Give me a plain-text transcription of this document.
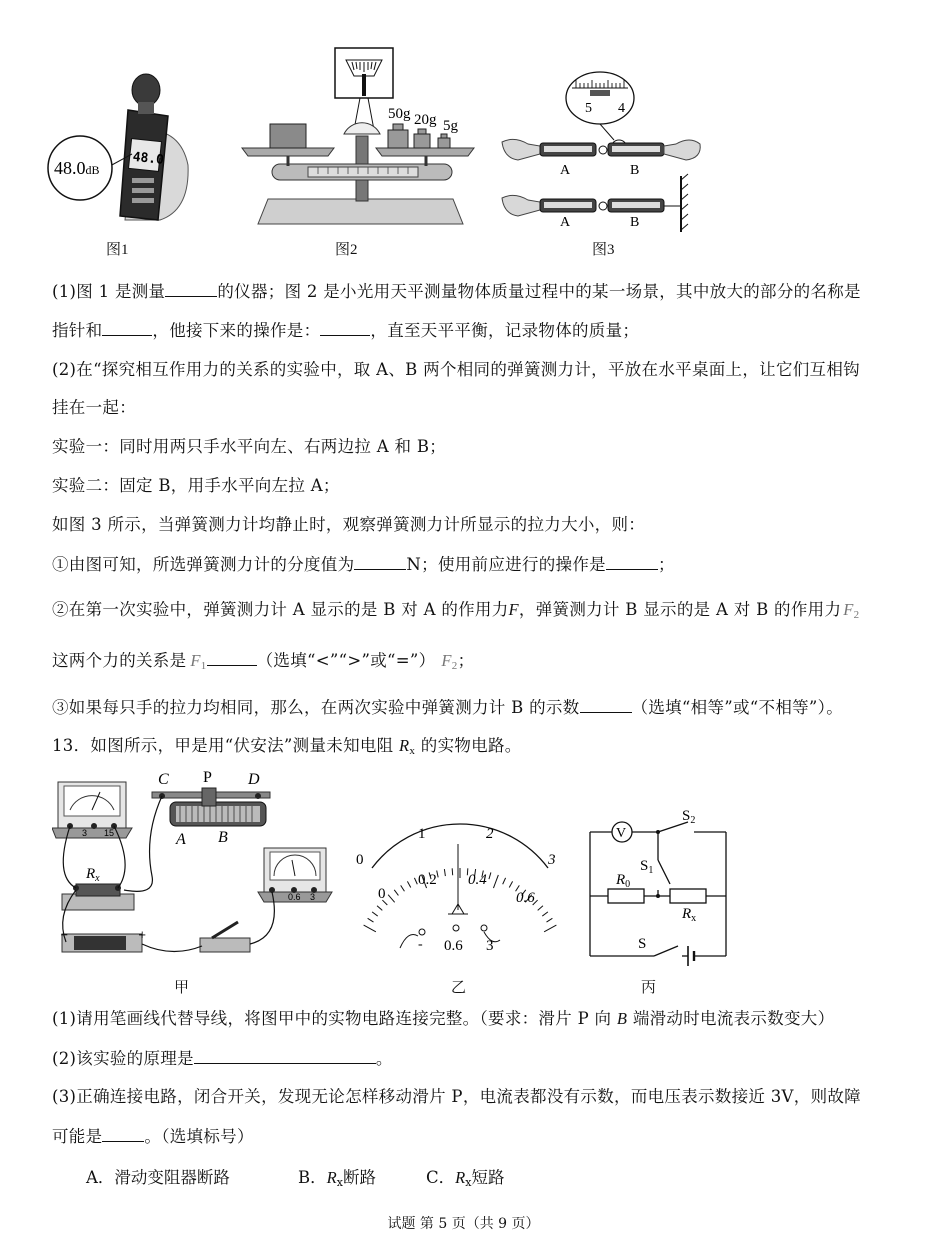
48.0
48.0dB
图1
50g 20g 5g
图2
5 4
A	B
A	B
图3
(1)图 1 是测量	的仪器；图 2 是小光用天平测量物体质量过程中的某一场景，其中放大的部分的名称是
指针和	，他接下来的操作是：	，直至天平平衡，记录物体的质量；
(2)在“探究相互作用力的关系的实验中，取 A、B 两个相同的弹簧测力计，平放在水平桌面上，让它们互相钩
挂在一起：
实验一：同时用两只手水平向左、右两边拉 A 和 B；
实验二：固定 B，用手水平向左拉 A；
如图 3 所示，当弹簧测力计均静止时，观察弹簧测力计所显示的拉力大小，则：
①由图可知，所选弹簧测力计的分度值为	N；使用前应进行的操作是	；
②在第一次实验中，弹簧测力计 A 显示的是 B 对 A 的作用力F，弹簧测力计 B 显示的是 A 对 B 的作用力 $F_2$
这两个力的关系是 $F_1$	（选填“<”“>”或“=”） $F_2$；
③如果每只手的拉力均相同，那么，在两次实验中弹簧测力计 B 的示数	（选填“相等”或“不相等”）。
13．如图所示，甲是用“伏安法”测量未知电阻 $R_x$ 的实物电路。
3 15
C P D
A B
$R_x$
0.6 3
+
−
甲
0
1	2
3
0
0.2 0.4
0.6
- 0.6 3
乙
V
$S_2$
$S_1$
$R_0$
$R_x$
S
丙
(1)请用笔画线代替导线，将图甲中的实物电路连接完整。（要求：滑片 P 向 B 端滑动时电流表示数变大）
(2)该实验的原理是	。
(3)正确连接电路，闭合开关，发现无论怎样移动滑片 P，电流表都没有示数，而电压表示数接近 3V，则故障
可能是	。（选填标号）
A．滑动变阻器断路	B．$R_x$断路	C．$R_x$短路
试题 第 5 页（共 9 页）
